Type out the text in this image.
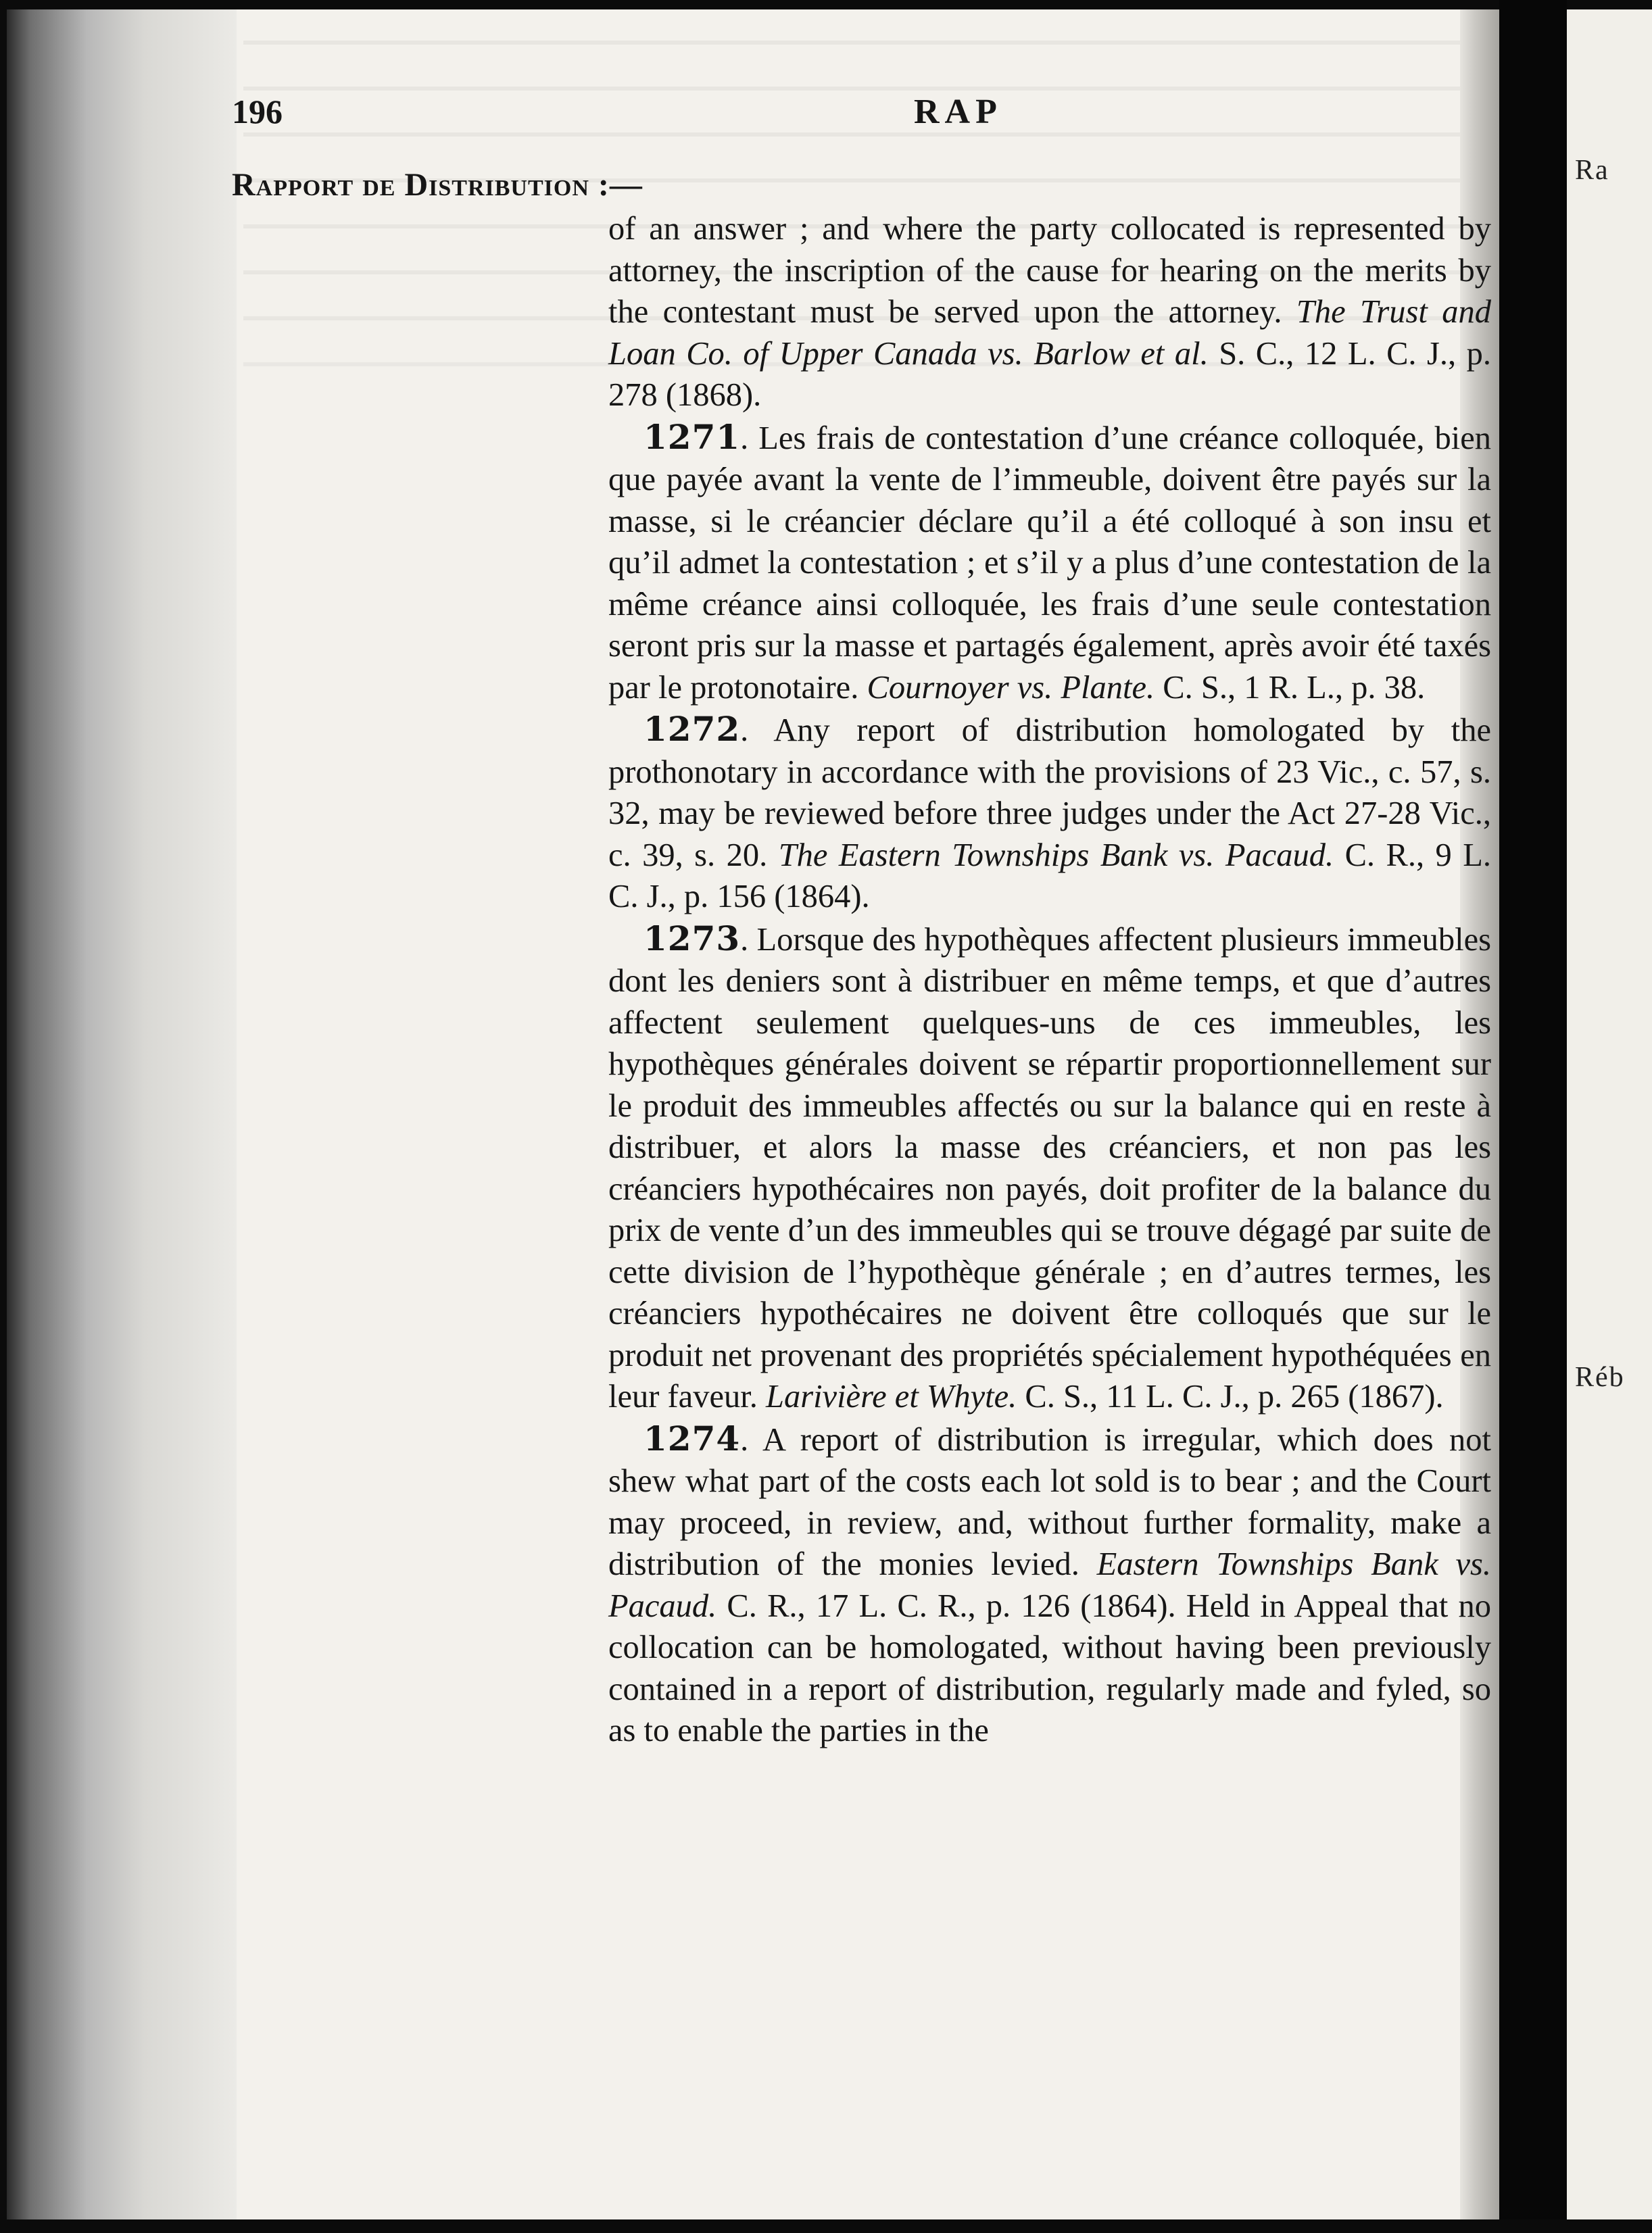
Ra
Réb
196	RAP
Rapport de Distribution :—

of an answer ; and where the party collocated is represented by attorney, the inscription of the cause for hearing on the merits by the contestant must be served upon the attorney. The Trust and Loan Co. of Upper Canada vs. Barlow et al. S. C., 12 L. C. J., p. 278 (1868).

1271. Les frais de contestation d’une créance colloquée, bien que payée avant la vente de l’immeuble, doivent être payés sur la masse, si le créancier déclare qu’il a été colloqué à son insu et qu’il admet la contestation ; et s’il y a plus d’une contestation de la même créance ainsi colloquée, les frais d’une seule contestation seront pris sur la masse et partagés également, après avoir été taxés par le protonotaire. Cournoyer vs. Plante. C. S., 1 R. L., p. 38.

1272. Any report of distribution homologated by the prothonotary in accordance with the provisions of 23 Vic., c. 57, s. 32, may be reviewed before three judges under the Act 27-28 Vic., c. 39, s. 20. The Eastern Townships Bank vs. Pacaud. C. R., 9 L. C. J., p. 156 (1864).

1273. Lorsque des hypothèques affectent plusieurs immeubles dont les deniers sont à distribuer en même temps, et que d’autres affectent seulement quelques-uns de ces immeubles, les hypothèques générales doivent se répartir proportionnellement sur le produit des immeubles affectés ou sur la balance qui en reste à distribuer, et alors la masse des créanciers, et non pas les créanciers hypothécaires non payés, doit profiter de la balance du prix de vente d’un des immeubles qui se trouve dégagé par suite de cette division de l’hypothèque générale ; en d’autres termes, les créanciers hypothécaires ne doivent être colloqués que sur le produit net provenant des propriétés spécialement hypothéquées en leur faveur. Larivière et Whyte. C. S., 11 L. C. J., p. 265 (1867).

1274. A report of distribution is irregular, which does not shew what part of the costs each lot sold is to bear ; and the Court may proceed, in review, and, without further formality, make a distribution of the monies levied. Eastern Townships Bank vs. Pacaud. C. R., 17 L. C. R., p. 126 (1864). Held in Appeal that no collocation can be homologated, without having been previously contained in a report of distribution, regularly made and fyled, so as to enable the parties in the
